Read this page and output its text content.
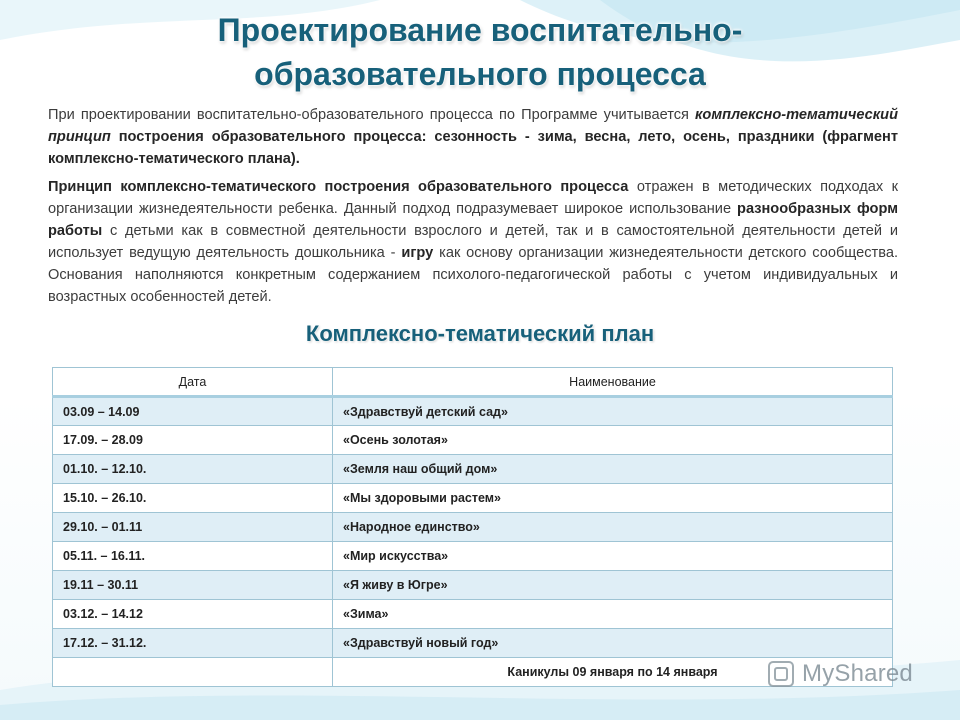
Проектирование воспитательно-образовательного процесса
При проектировании воспитательно-образовательного процесса по Программе учитывается комплексно-тематический принцип построения образовательного процесса: сезонность - зима, весна, лето, осень, праздники (фрагмент комплексно-тематического плана).
Принцип комплексно-тематического построения образовательного процесса отражен в методических подходах к организации жизнедеятельности ребенка. Данный подход подразумевает широкое использование разнообразных форм работы с детьми как в совместной деятельности взрослого и детей, так и в самостоятельной деятельности детей и использует ведущую деятельность дошкольника - игру как основу организации жизнедеятельности детского сообщества. Основания наполняются конкретным содержанием психолого-педагогической работы с учетом индивидуальных и возрастных особенностей детей.
Комплексно-тематический план
Дата	Наименование
03.09 – 14.09	«Здравствуй детский сад»
17.09. – 28.09	«Осень золотая»
01.10. – 12.10.	«Земля наш общий дом»
15.10. – 26.10.	«Мы здоровыми растем»
29.10. – 01.11	«Народное единство»
05.11. – 16.11.	«Мир искусства»
19.11 – 30.11	«Я живу в Югре»
03.12. – 14.12	«Зима»
17.12. – 31.12.	«Здравствуй новый год»
	Каникулы 09 января по 14 января	MyShared
